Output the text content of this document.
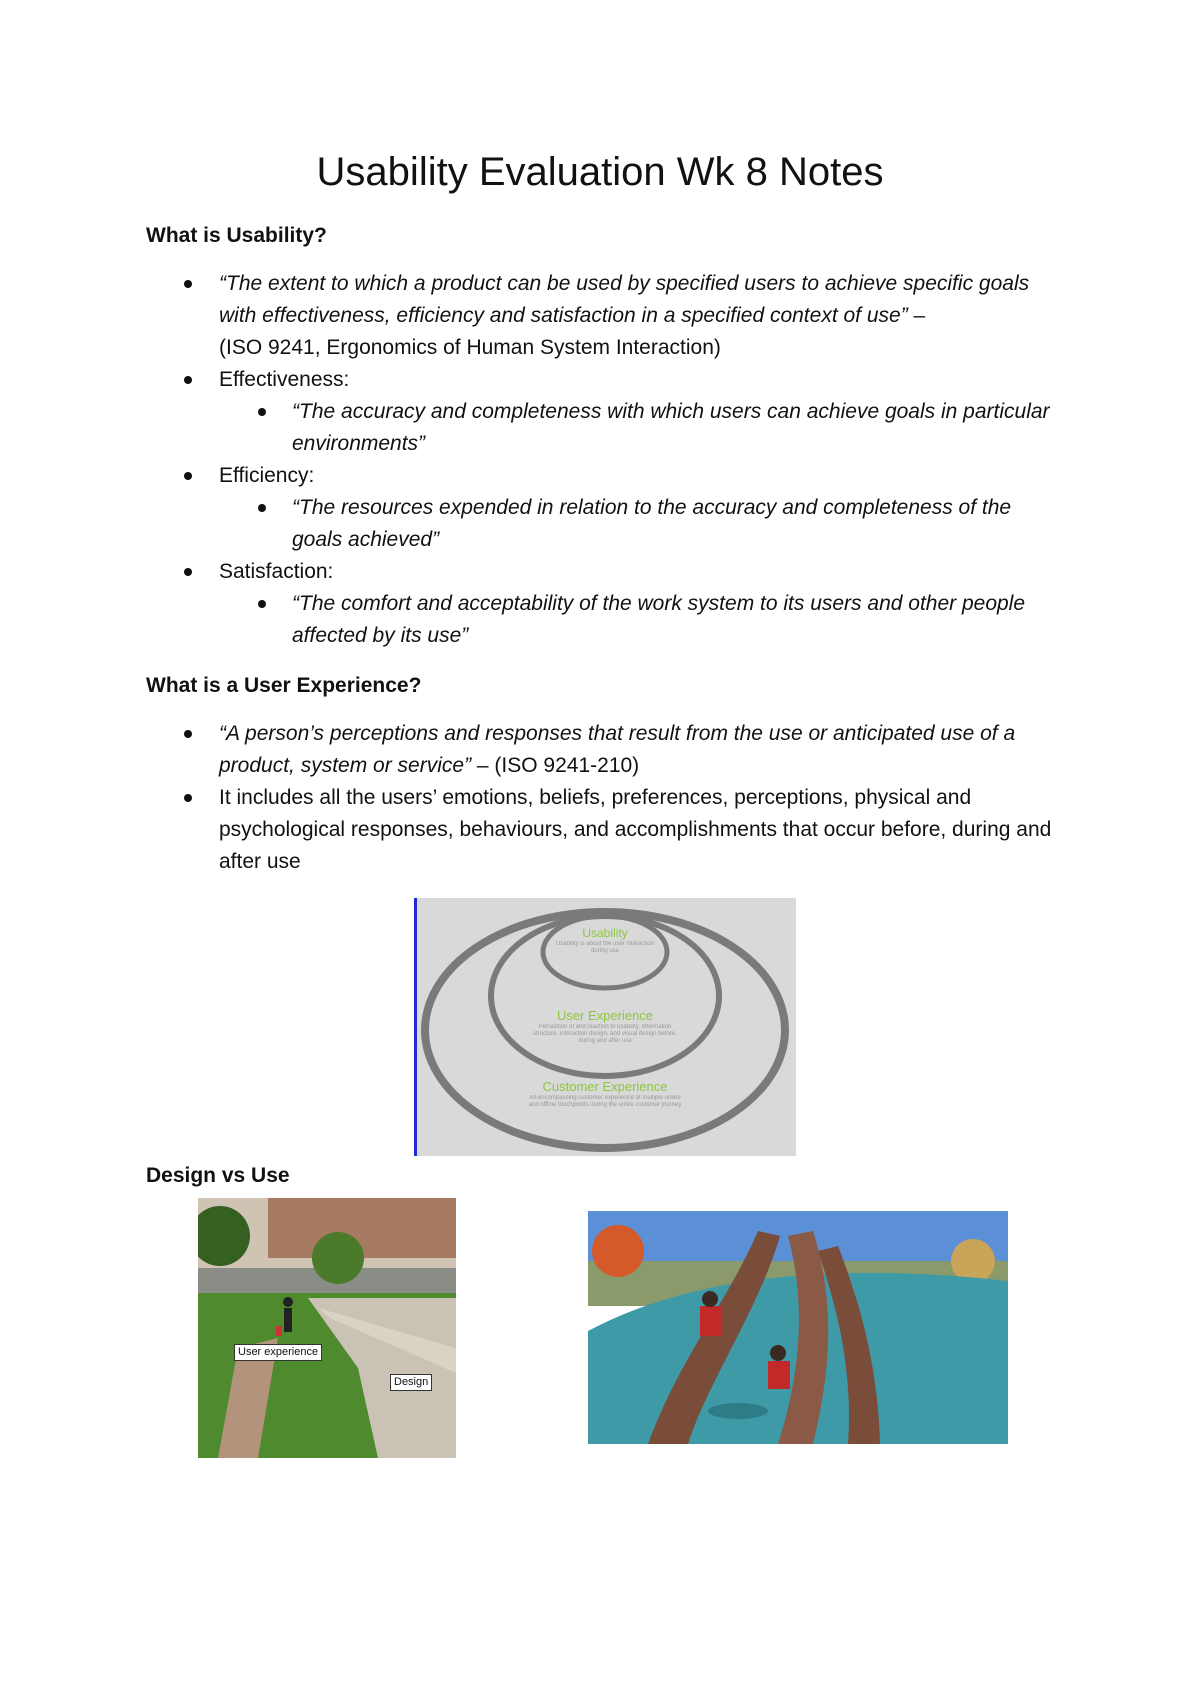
Usability Evaluation Wk 8 Notes
What is Usability?
“The extent to which a product can be used by specified users to achieve specific goals with effectiveness, efficiency and satisfaction in a specified context of use” –
(ISO 9241, Ergonomics of Human System Interaction)
Effectiveness:
“The accuracy and completeness with which users can achieve goals in particular environments”
Efficiency:
“The resources expended in relation to the accuracy and completeness of the goals achieved”
Satisfaction:
“The comfort and acceptability of the work system to its users and other people affected by its use”
What is a User Experience?
“A person’s perceptions and responses that result from the use or anticipated use of a product, system or service” – (ISO 9241-210)
It includes all the users’ emotions, beliefs, preferences, perceptions, physical and psychological responses, behaviours, and accomplishments that occur before, during and after use
Usability
Usability is about the user interaction during use
User Experience
Perception of and reaction to usability, information structure, interaction design, and visual design before, during and after use
Customer Experience
All-encompassing customer experience at multiple online and offline touchpoints during the entire customer journey
Design vs Use
User experience
Design
